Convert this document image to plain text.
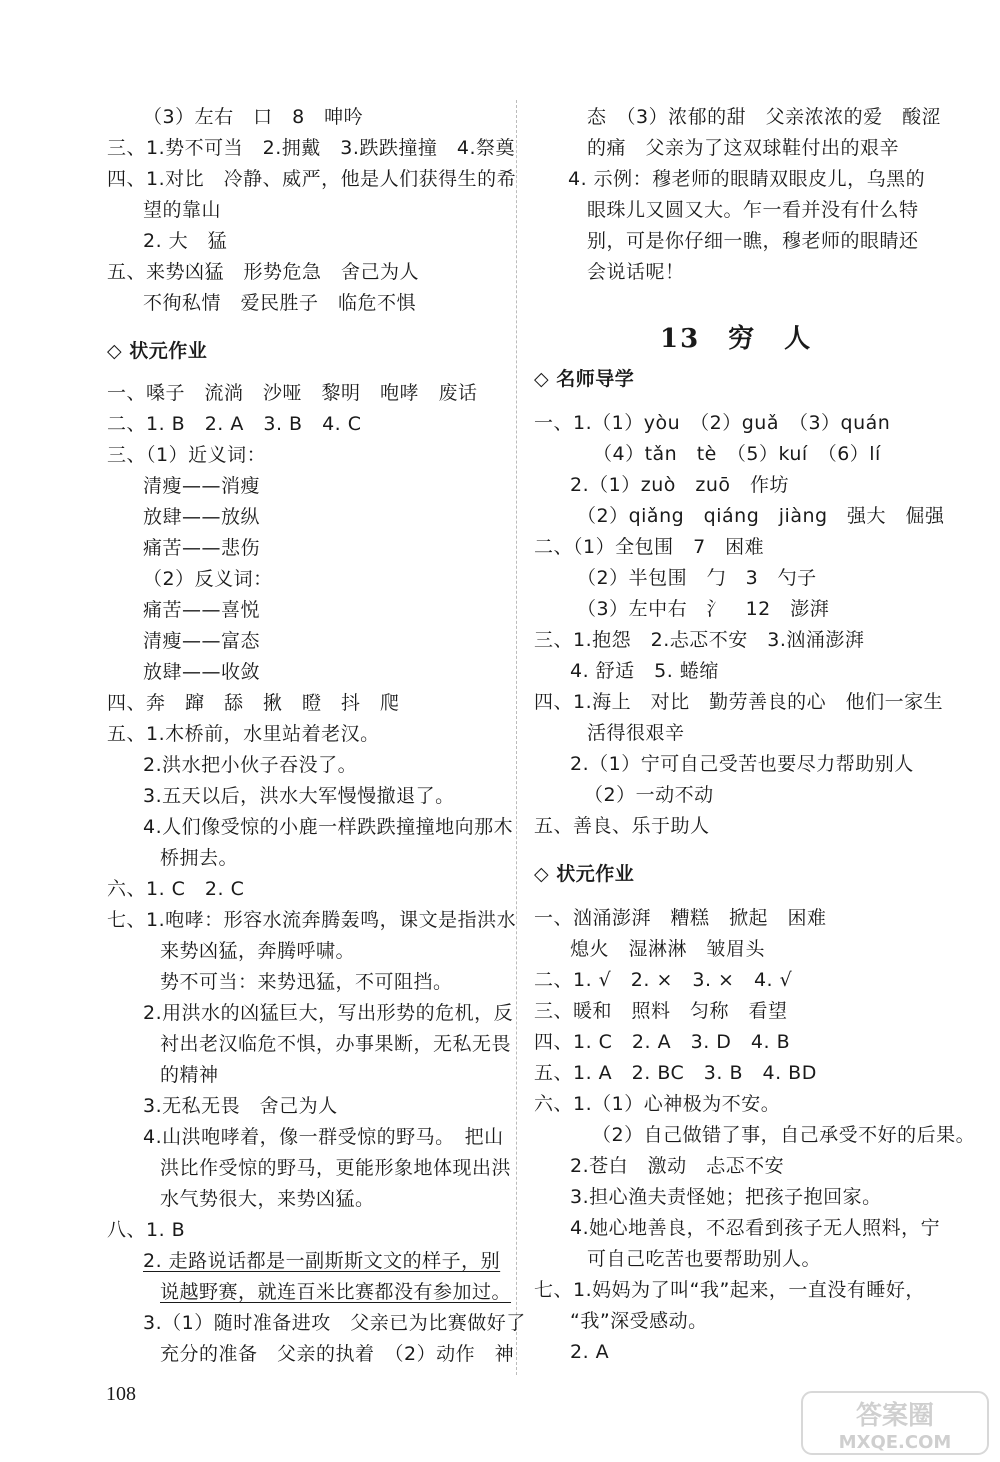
（3）左右　口　8　呻吟
三、1.势不可当　2.拥戴　3.跌跌撞撞　4.祭奠
四、1.对比　冷静、威严，他是人们获得生的希
望的靠山
2. 大　猛
五、来势凶猛　形势危急　舍己为人
不徇私情　爱民胜子　临危不惧
◇ 状元作业
一、嗓子　流淌　沙哑　黎明　咆哮　废话
二、1. B　2. A　3. B　4. C
三、（1）近义词：
清瘦——消瘦
放肆——放纵
痛苦——悲伤
（2）反义词：
痛苦——喜悦
清瘦——富态
放肆——收敛
四、奔　蹿　舔　揪　瞪　抖　爬
五、1.木桥前，水里站着老汉。
2.洪水把小伙子吞没了。
3.五天以后，洪水大军慢慢撤退了。
4.人们像受惊的小鹿一样跌跌撞撞地向那木
桥拥去。
六、1. C　2. C
七、1.咆哮：形容水流奔腾轰鸣，课文是指洪水
来势凶猛，奔腾呼啸。
势不可当：来势迅猛，不可阻挡。
2.用洪水的凶猛巨大，写出形势的危机，反
衬出老汉临危不惧，办事果断，无私无畏
的精神
3.无私无畏　舍己为人
4.山洪咆哮着，像一群受惊的野马。　把山
洪比作受惊的野马，更能形象地体现出洪
水气势很大，来势凶猛。
八、1. B
2. 走路说话都是一副斯斯文文的样子，别
说越野赛，就连百米比赛都没有参加过。
3.（1）随时准备进攻　父亲已为比赛做好了
充分的准备　父亲的执着　（2）动作　神
态　（3）浓郁的甜　父亲浓浓的爱　酸涩
的痛　父亲为了这双球鞋付出的艰辛
4. 示例：穆老师的眼睛双眼皮儿，乌黑的
眼珠儿又圆又大。乍一看并没有什么特
别，可是你仔细一瞧，穆老师的眼睛还
会说话呢！
◇ 名师导学
一、1.（1）yòu　（2）guǎ　（3）quán
（4）tǎn　tè　（5）kuí　（6）lí
2.（1）zuò　zuō　作坊
（2）qiǎng　qiáng　jiàng　强大　倔强
二、（1）全包围　7　困难
（2）半包围　勹　3　勺子
（3）左中右　氵　12　澎湃
三、1.抱怨　2.忐忑不安　3.汹涌澎湃
4. 舒适　5. 蜷缩
四、1.海上　对比　勤劳善良的心　他们一家生
活得很艰辛
2.（1）宁可自己受苦也要尽力帮助别人
（2）一动不动
五、善良、乐于助人
◇ 状元作业
一、汹涌澎湃　糟糕　掀起　困难
熄火　湿淋淋　皱眉头
二、1. √　2. ×　3. ×　4. √
三、暖和　照料　匀称　看望
四、1. C　2. A　3. D　4. B
五、1. A　2. BC　3. B　4. BD
六、1.（1）心神极为不安。
（2）自己做错了事，自己承受不好的后果。
2.苍白　激动　忐忑不安
3.担心渔夫责怪她；把孩子抱回家。
4.她心地善良，不忍看到孩子无人照料，宁
可自己吃苦也要帮助别人。
七、1.妈妈为了叫“我”起来，一直没有睡好，
“我”深受感动。
2. A
13　穷　人
108
答案圈
MXQE.COM
